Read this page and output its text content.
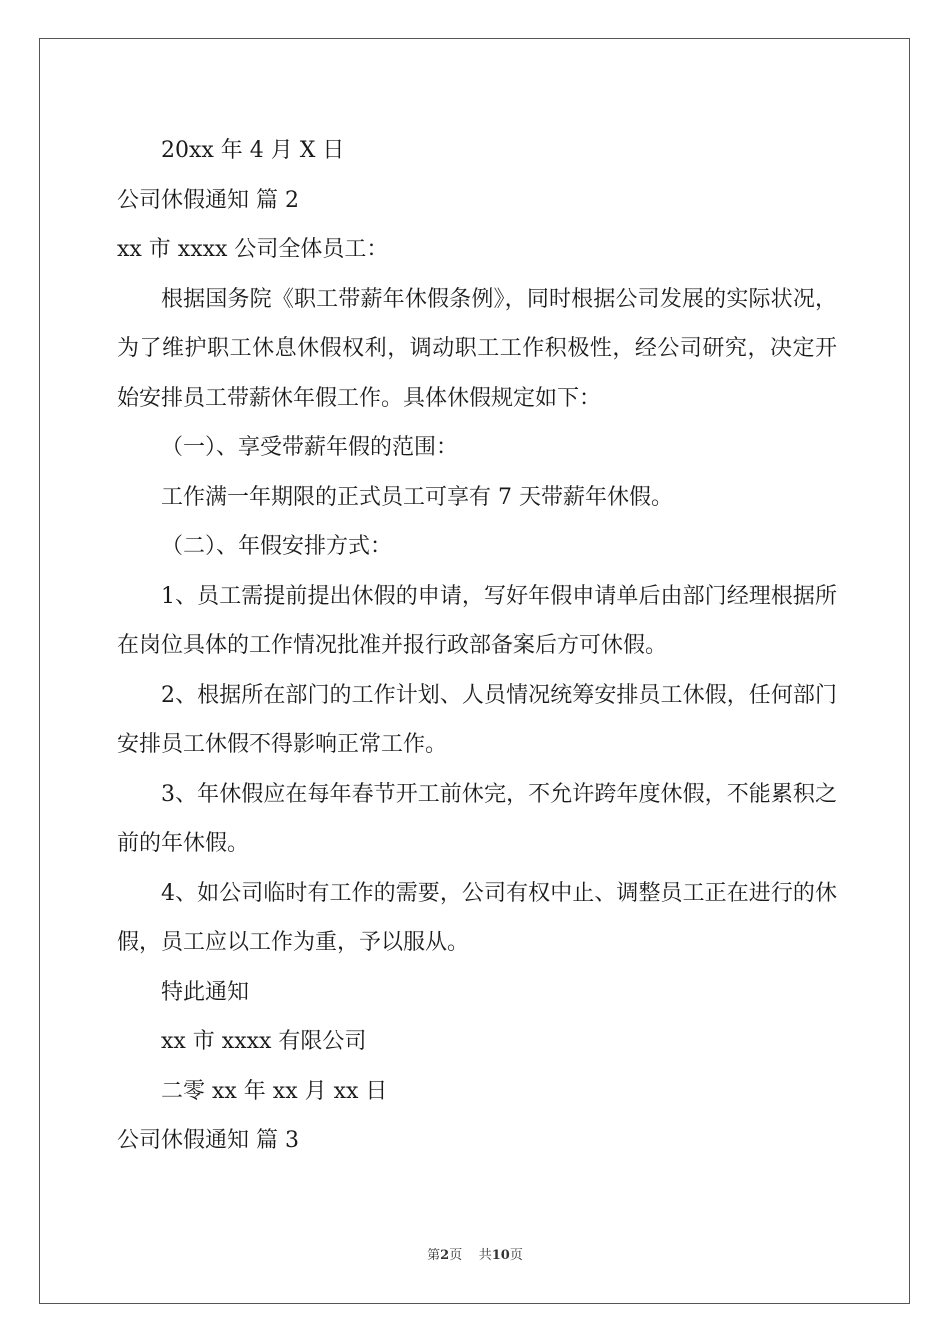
20xx 年 4 月 X 日
公司休假通知 篇 2
xx 市 xxxx 公司全体员工：

根据国务院《职工带薪年休假条例》，同时根据公司发展的实际状况，为了维护职工休息休假权利，调动职工工作积极性，经公司研究，决定开始安排员工带薪休年假工作。具体休假规定如下：

（一）、享受带薪年假的范围：
工作满一年期限的正式员工可享有 7 天带薪年休假。
（二）、年假安排方式：

1、员工需提前提出休假的申请，写好年假申请单后由部门经理根据所在岗位具体的工作情况批准并报行政部备案后方可休假。

2、根据所在部门的工作计划、人员情况统筹安排员工休假，任何部门安排员工休假不得影响正常工作。

3、年休假应在每年春节开工前休完，不允许跨年度休假，不能累积之前的年休假。

4、如公司临时有工作的需要，公司有权中止、调整员工正在进行的休假，员工应以工作为重，予以服从。

特此通知
xx 市 xxxx 有限公司
二零 xx 年 xx 月 xx 日
公司休假通知 篇 3
第2页    共10页
